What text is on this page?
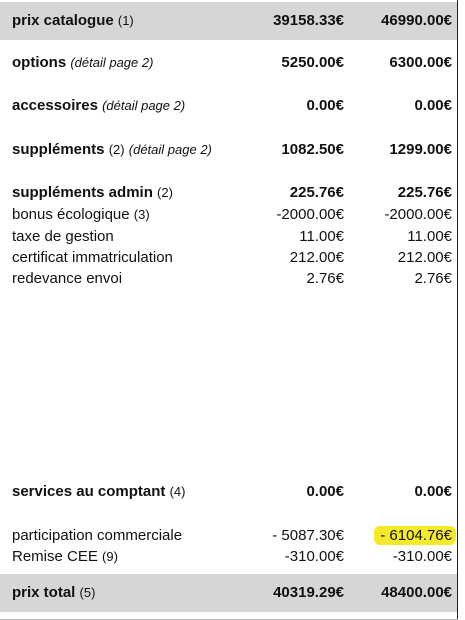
prix catalogue (1)	39158.33€ 46990.00€
options (détail page 2)	5250.00€	6300.00€
accessoires (détail page 2)	0.00€	0.00€
suppléments (2) (détail page 2)	1082.50€	1299.00€
suppléments admin (2)	225.76€	225.76€
bonus écologique (3)	-2000.00€	-2000.00€
taxe de gestion	11.00€	11.00€
certificat immatriculation	212.00€	212.00€
redevance envoi	2.76€	2.76€
services au comptant (4)	0.00€	0.00€
participation commerciale	- 5087.30€	- 6104.76€
Remise CEE (9)	-310.00€	-310.00€
prix total (5)	40319.29€ 48400.00€
